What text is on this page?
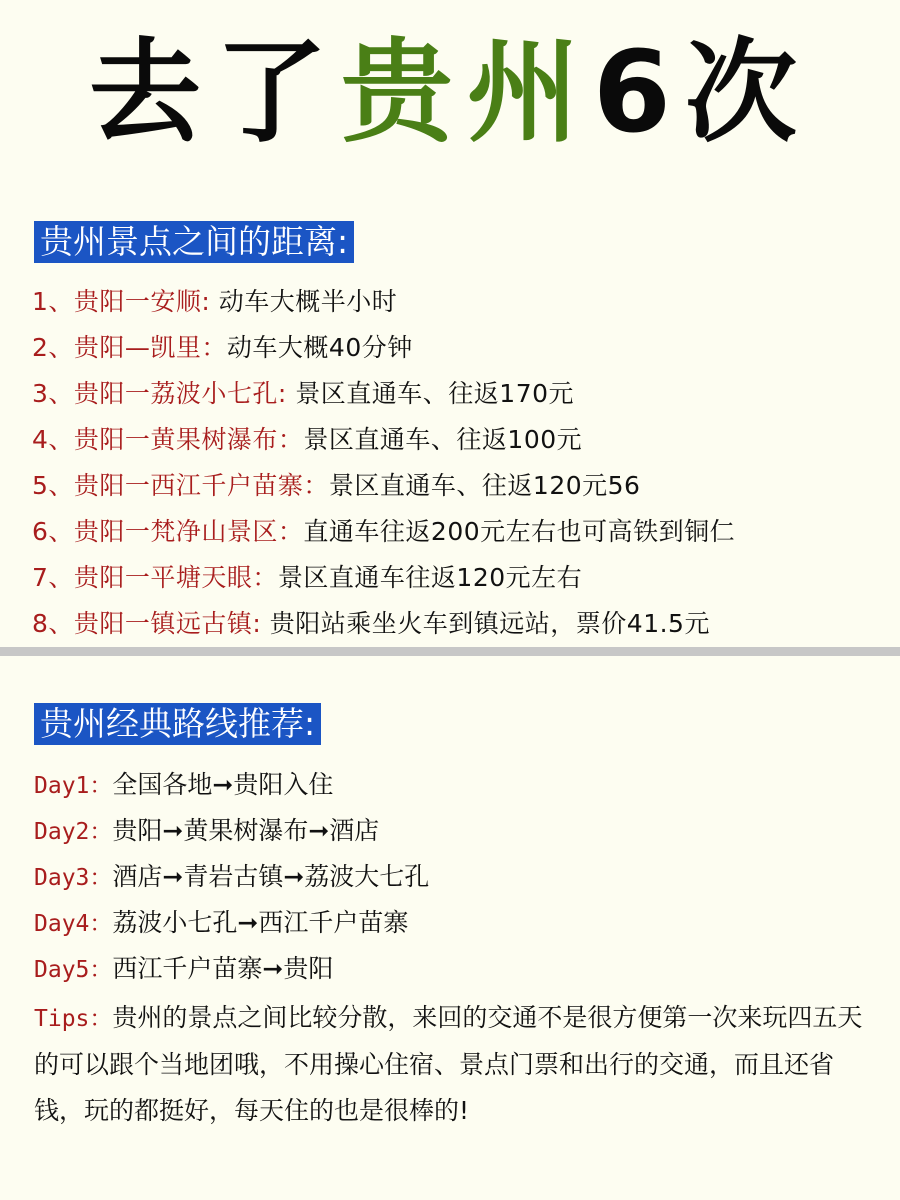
去了贵州6次
贵州景点之间的距离:
1、贵阳一安顺: 动车大概半小时
2、贵阳—凯里：动车大概40分钟
3、贵阳一荔波小七孔: 景区直通车、往返170元
4、贵阳一黄果树瀑布：景区直通车、往返100元
5、贵阳一西江千户苗寨：景区直通车、往返120元56
6、贵阳一梵净山景区：直通车往返200元左右也可高铁到铜仁
7、贵阳一平塘天眼：景区直通车往返120元左右
8、贵阳一镇远古镇: 贵阳站乘坐火车到镇远站，票价41.5元
贵州经典路线推荐:
Day1：全国各地➞贵阳入住
Day2：贵阳➞黄果树瀑布➞酒店
Day3：酒店➞青岩古镇➞荔波大七孔
Day4：荔波小七孔➞西江千户苗寨
Day5：西江千户苗寨➞贵阳
Tips：贵州的景点之间比较分散，来回的交通不是很方便第一次来玩四五天的可以跟个当地团哦，不用操心住宿、景点门票和出行的交通，而且还省钱，玩的都挺好，每天住的也是很棒的!
